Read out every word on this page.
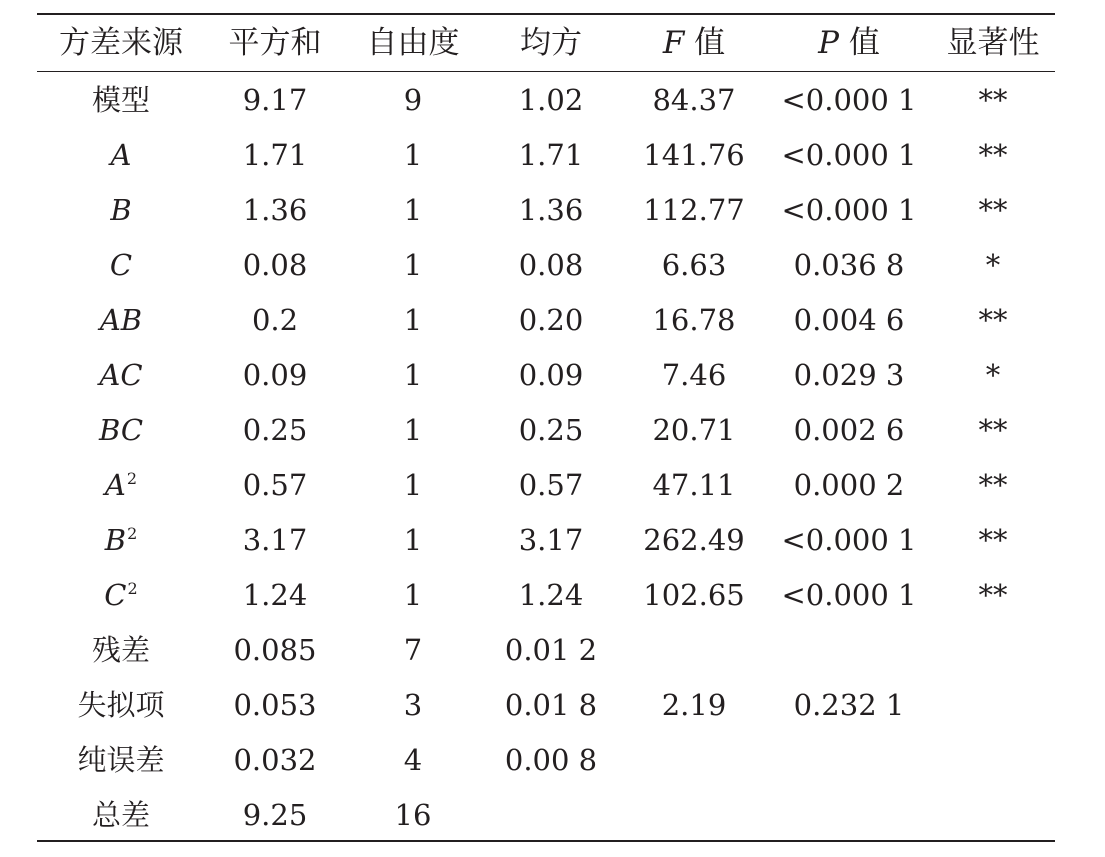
方差来源	平方和	自由度	均方	F 值	P 值	显著性
模型	9.17	9	1.02	84.37	<0.000 1	**
A	1.71	1	1.71	141.76	<0.000 1	**
B	1.36	1	1.36	112.77	<0.000 1	**
C	0.08	1	0.08	6.63	0.036 8	*
AB	0.2	1	0.20	16.78	0.004 6	**
AC	0.09	1	0.09	7.46	0.029 3	*
BC	0.25	1	0.25	20.71	0.002 6	**
$A^2$	0.57	1	0.57	47.11	0.000 2	**
$B^2$	3.17	1	3.17	262.49	<0.000 1	**
$C^2$	1.24	1	1.24	102.65	<0.000 1	**
残差	0.085	7	0.01 2
失拟项	0.053	3	0.01 8	2.19	0.232 1
纯误差	0.032	4	0.00 8
总差	9.25	16
